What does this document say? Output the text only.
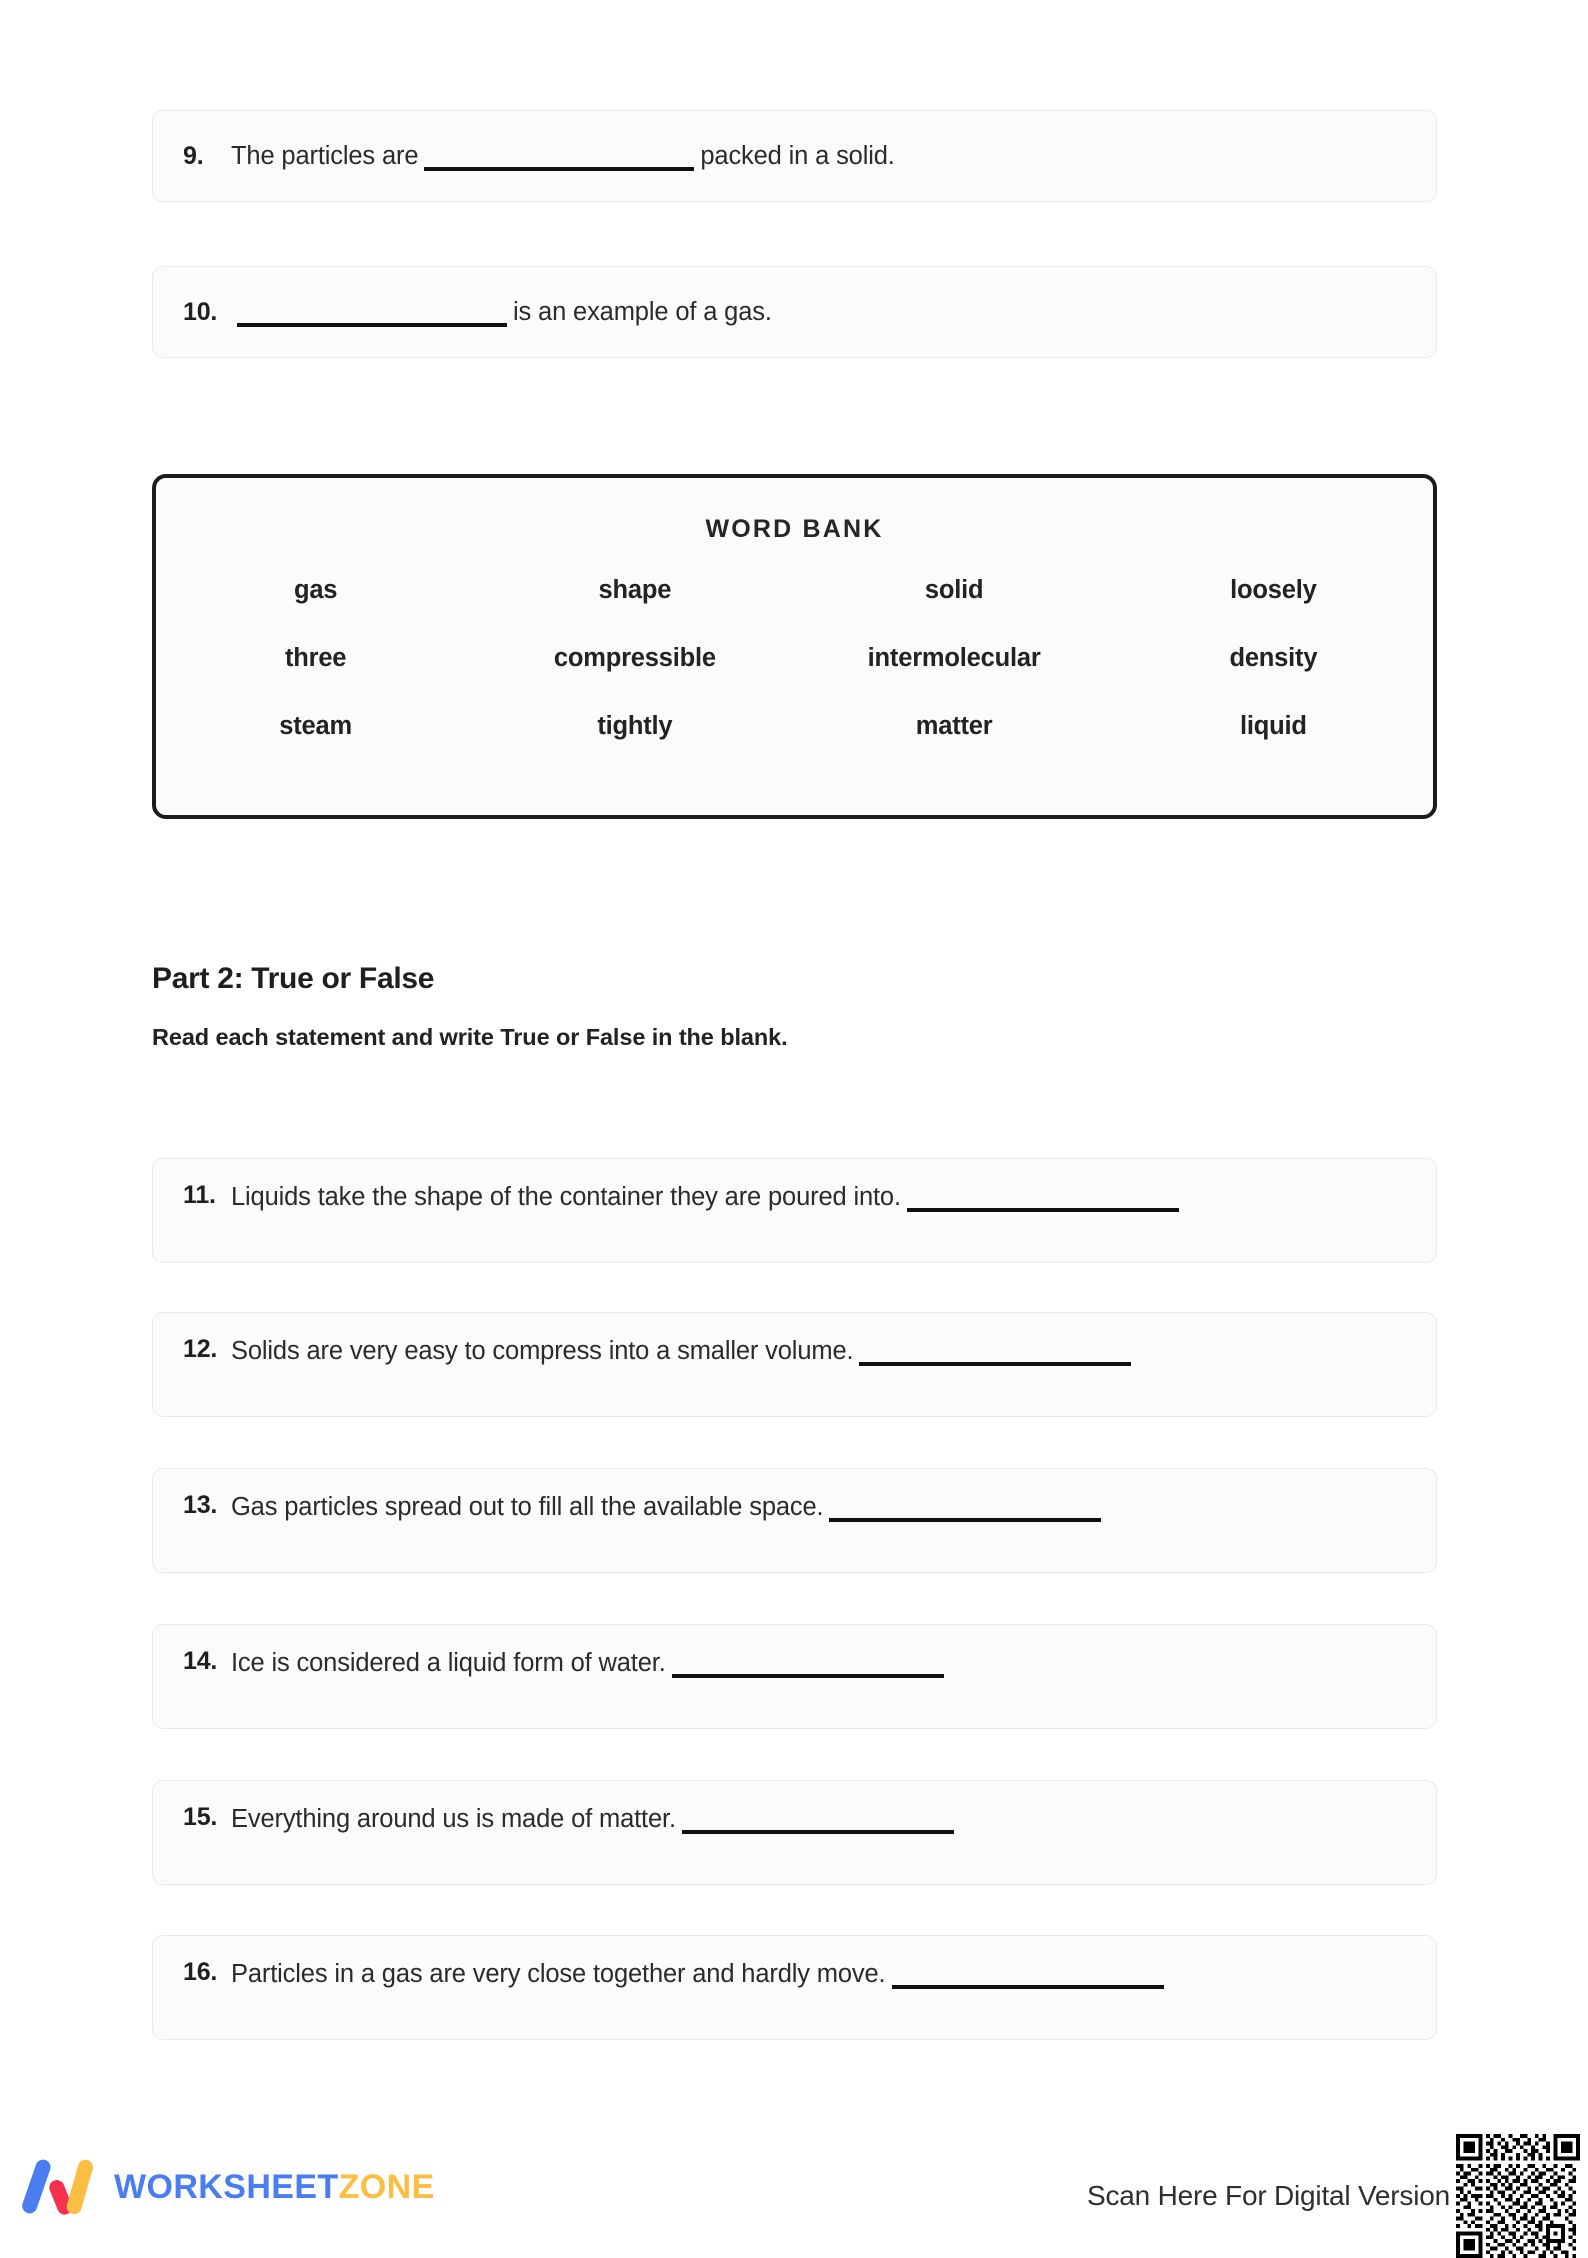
9.	The particles are	packed in a solid.
10.	is an example of a gas.
WORD BANK
gas	shape	solid	loosely
three	compressible	intermolecular	density
steam	tightly	matter	liquid
Part 2: True or False
Read each statement and write True or False in the blank.
11. Liquids take the shape of the container they are poured into.
12. Solids are very easy to compress into a smaller volume.
13. Gas particles spread out to fill all the available space.
14. Ice is considered a liquid form of water.
15. Everything around us is made of matter.
16. Particles in a gas are very close together and hardly move.
WORKSHEETZONE	Scan Here For Digital Version
